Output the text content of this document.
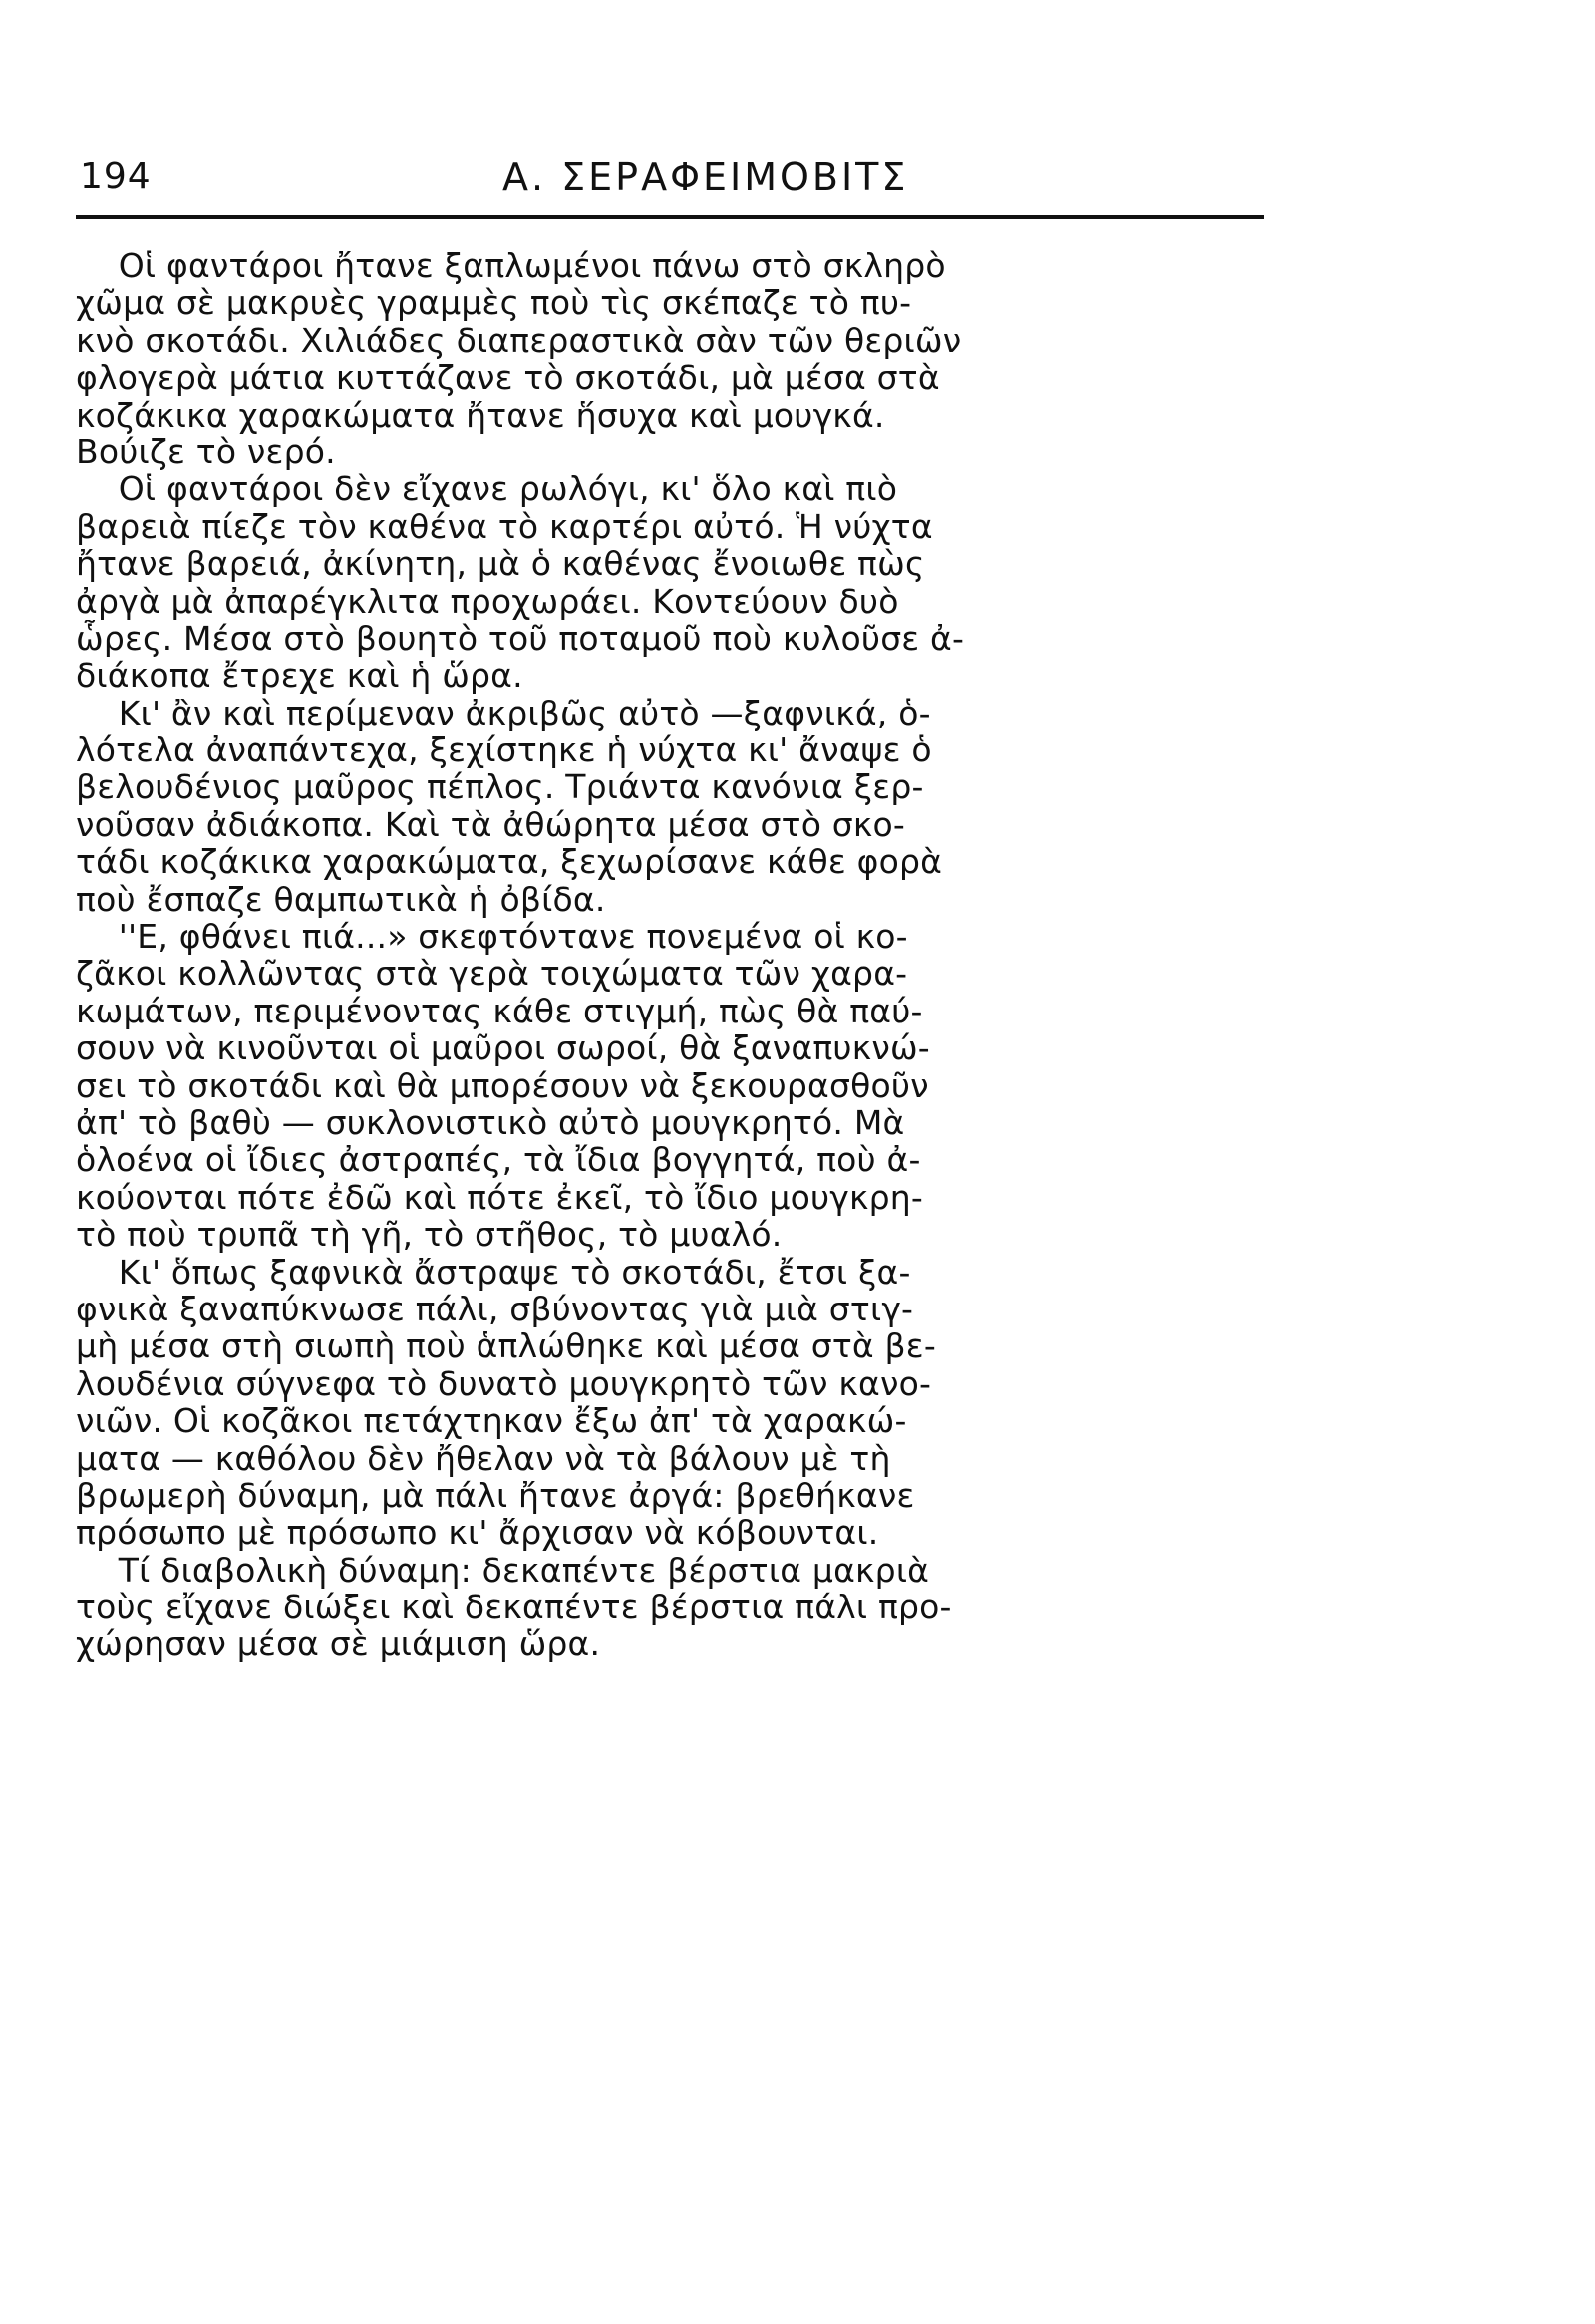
194	Α. ΣΕΡΑΦΕΙΜΟΒΙΤΣ
Οἱ φαντάροι ἤτανε ξαπλωμένοι πάνω στὸ σκληρὸ
χῶμα σὲ μακρυὲς γραμμὲς ποὺ τὶς σκέπαζε τὸ πυ-
κνὸ σκοτάδι. Χιλιάδες διαπεραστικὰ σὰν τῶν θεριῶν
φλογερὰ μάτια κυττάζανε τὸ σκοτάδι, μὰ μέσα στὰ
κοζάκικα χαρακώματα ἤτανε ἥσυχα καὶ μουγκά.
Βούιζε τὸ νερό.
Οἱ φαντάροι δὲν εἴχανε ρωλόγι, κι' ὅλο καὶ πιὸ
βαρειὰ πίεζε τὸν καθένα τὸ καρτέρι αὐτό. Ἡ νύχτα
ἤτανε βαρειά, ἀκίνητη, μὰ ὁ καθένας ἔνοιωθε πὼς
ἀργὰ μὰ ἀπαρέγκλιτα προχωράει. Κοντεύουν δυὸ
ὧρες. Μέσα στὸ βουητὸ τοῦ ποταμοῦ ποὺ κυλοῦσε ἀ-
διάκοπα ἔτρεχε καὶ ἡ ὥρα.
Κι' ἂν καὶ περίμεναν ἀκριβῶς αὐτὸ —ξαφνικά, ὁ-
λότελα ἀναπάντεχα, ξεχίστηκε ἡ νύχτα κι' ἄναψε ὁ
βελουδένιος μαῦρος πέπλος. Τριάντα κανόνια ξερ-
νοῦσαν ἀδιάκοπα. Καὶ τὰ ἀθώρητα μέσα στὸ σκο-
τάδι κοζάκικα χαρακώματα, ξεχωρίσανε κάθε φορὰ
ποὺ ἔσπαζε θαμπωτικὰ ἡ ὀβίδα.
''Ε, φθάνει πιά...» σκεφτόντανε πονεμένα οἱ κο-
ζᾶκοι κολλῶντας στὰ γερὰ τοιχώματα τῶν χαρα-
κωμάτων, περιμένοντας κάθε στιγμή, πὼς θὰ παύ-
σουν νὰ κινοῦνται οἱ μαῦροι σωροί, θὰ ξαναπυκνώ-
σει τὸ σκοτάδι καὶ θὰ μπορέσουν νὰ ξεκουρασθοῦν
ἀπ' τὸ βαθὺ — συκλονιστικὸ αὐτὸ μουγκρητό. Μὰ
ὁλοένα οἱ ἴδιες ἀστραπές, τὰ ἴδια βογγητά, ποὺ ἀ-
κούονται πότε ἐδῶ καὶ πότε ἐκεῖ, τὸ ἴδιο μουγκρη-
τὸ ποὺ τρυπᾶ τὴ γῆ, τὸ στῆθος, τὸ μυαλό.
Κι' ὅπως ξαφνικὰ ἄστραψε τὸ σκοτάδι, ἔτσι ξα-
φνικὰ ξαναπύκνωσε πάλι, σβύνοντας γιὰ μιὰ στιγ-
μὴ μέσα στὴ σιωπὴ ποὺ ἁπλώθηκε καὶ μέσα στὰ βε-
λουδένια σύγνεφα τὸ δυνατὸ μουγκρητὸ τῶν κανο-
νιῶν. Οἱ κοζᾶκοι πετάχτηκαν ἔξω ἀπ' τὰ χαρακώ-
ματα — καθόλου δὲν ἤθελαν νὰ τὰ βάλουν μὲ τὴ
βρωμερὴ δύναμη, μὰ πάλι ἤτανε ἀργά: βρεθήκανε
πρόσωπο μὲ πρόσωπο κι' ἄρχισαν νὰ κόβουνται.
Τί διαβολικὴ δύναμη: δεκαπέντε βέρστια μακριὰ
τοὺς εἴχανε διώξει καὶ δεκαπέντε βέρστια πάλι προ-
χώρησαν μέσα σὲ μιάμιση ὥρα.
